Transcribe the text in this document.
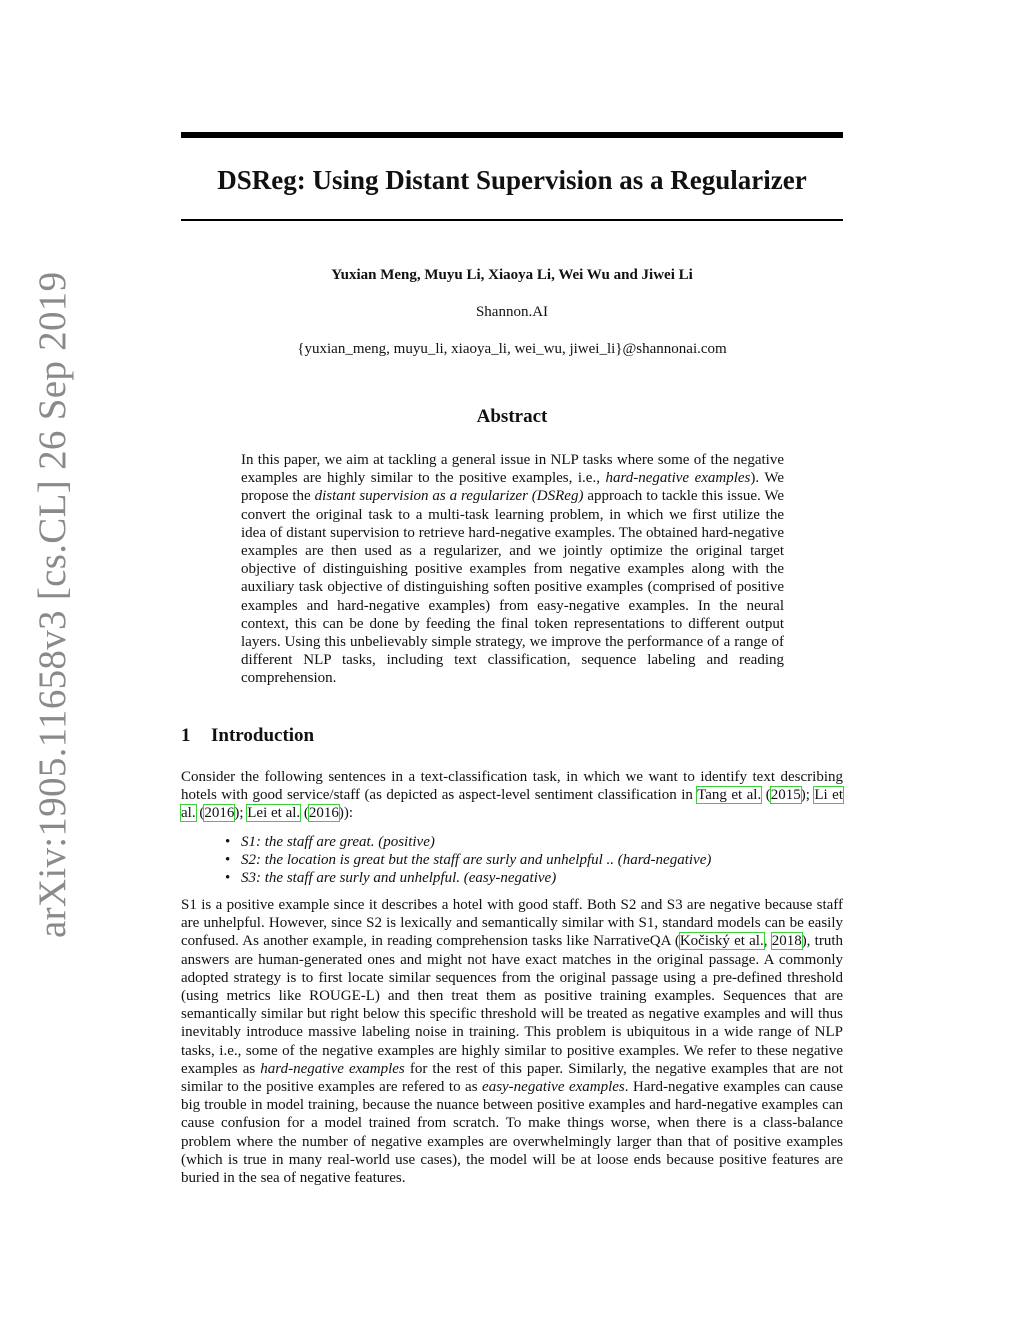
arXiv:1905.11658v3 [cs.CL] 26 Sep 2019
DSReg: Using Distant Supervision as a Regularizer
Yuxian Meng, Muyu Li, Xiaoya Li, Wei Wu and Jiwei Li
Shannon.AI
{yuxian_meng, muyu_li, xiaoya_li, wei_wu, jiwei_li}@shannonai.com
Abstract
In this paper, we aim at tackling a general issue in NLP tasks where some of the negative examples are highly similar to the positive examples, i.e., hard-negative examples). We propose the distant supervision as a regularizer (DSReg) approach to tackle this issue. We convert the original task to a multi-task learning problem, in which we first utilize the idea of distant supervision to retrieve hard-negative examples. The obtained hard-negative examples are then used as a regularizer, and we jointly optimize the original target objective of distinguishing positive examples from negative examples along with the auxiliary task objective of distinguishing soften positive examples (comprised of positive examples and hard-negative examples) from easy-negative examples. In the neural context, this can be done by feeding the final token representations to different output layers. Using this unbelievably simple strategy, we improve the performance of a range of different NLP tasks, including text classification, sequence labeling and reading comprehension.
1 Introduction
Consider the following sentences in a text-classification task, in which we want to identify text describing hotels with good service/staff (as depicted as aspect-level sentiment classification in Tang et al. (2015); Li et al. (2016); Lei et al. (2016)):
• S1: the staff are great. (positive)
• S2: the location is great but the staff are surly and unhelpful .. (hard-negative)
• S3: the staff are surly and unhelpful. (easy-negative)
S1 is a positive example since it describes a hotel with good staff. Both S2 and S3 are negative because staff are unhelpful. However, since S2 is lexically and semantically similar with S1, standard models can be easily confused. As another example, in reading comprehension tasks like NarrativeQA (Kočiský et al., 2018), truth answers are human-generated ones and might not have exact matches in the original passage. A commonly adopted strategy is to first locate similar sequences from the original passage using a pre-defined threshold (using metrics like ROUGE-L) and then treat them as positive training examples. Sequences that are semantically similar but right below this specific threshold will be treated as negative examples and will thus inevitably introduce massive labeling noise in training. This problem is ubiquitous in a wide range of NLP tasks, i.e., some of the negative examples are highly similar to positive examples. We refer to these negative examples as hard-negative examples for the rest of this paper. Similarly, the negative examples that are not similar to the positive examples are refered to as easy-negative examples. Hard-negative examples can cause big trouble in model training, because the nuance between positive examples and hard-negative examples can cause confusion for a model trained from scratch. To make things worse, when there is a class-balance problem where the number of negative examples are overwhelmingly larger than that of positive examples (which is true in many real-world use cases), the model will be at loose ends because positive features are buried in the sea of negative features.
